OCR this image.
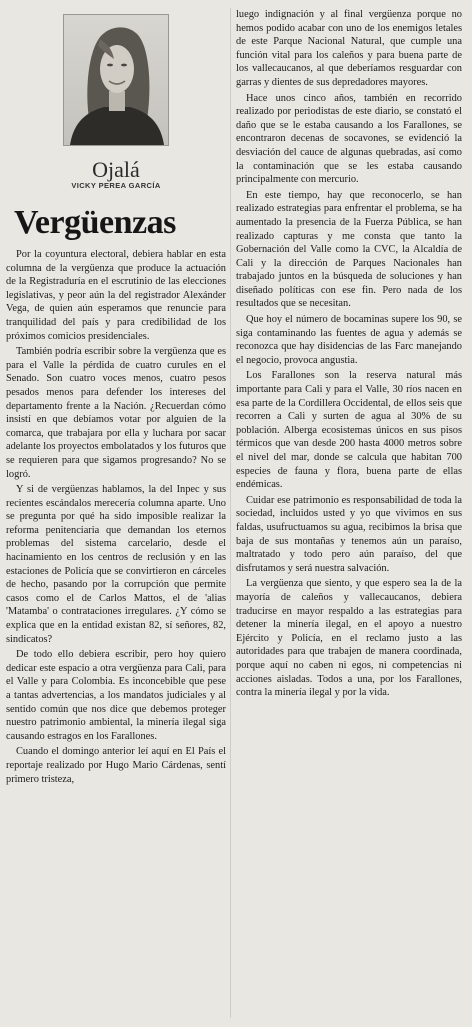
Ojalá
VICKY PEREA GARCÍA
Vergüenzas

Por la coyuntura electoral, debiera hablar en esta columna de la vergüenza que produce la actuación de la Registraduría en el escrutinio de las elecciones legislativas, y peor aún la del registrador Alexánder Vega, de quien aún esperamos que renuncie para tranquilidad del país y para credibilidad de los próximos comicios presidenciales.

También podría escribir sobre la vergüenza que es para el Valle la pérdida de cuatro curules en el Senado. Son cuatro voces menos, cuatro pesos pesados menos para defender los intereses del departamento frente a la Nación. ¿Recuerdan cómo insistí en que debíamos votar por alguien de la comarca, que trabajara por ella y luchara por sacar adelante los proyectos embolatados y los futuros que se requieren para que sigamos progresando? No se logró.

Y si de vergüenzas hablamos, la del Inpec y sus recientes escándalos merecería columna aparte. Uno se pregunta por qué ha sido imposible realizar la reforma penitenciaria que demandan los eternos problemas del sistema carcelario, desde el hacinamiento en los centros de reclusión y en las estaciones de Policía que se convirtieron en cárceles de hecho, pasando por la corrupción que permite casos como el de Carlos Mattos, el de 'alias 'Matamba' o contrataciones irregulares. ¿Y cómo se explica que en la entidad existan 82, sí señores, 82, sindicatos?

De todo ello debiera escribir, pero hoy quiero dedicar este espacio a otra vergüenza para Cali, para el Valle y para Colombia. Es inconcebible que pese a tantas advertencias, a los mandatos judiciales y al sentido común que nos dice que debemos proteger nuestro patrimonio ambiental, la minería ilegal siga causando estragos en los Farallones.

Cuando el domingo anterior leí aquí en El País el reportaje realizado por Hugo Mario Cárdenas, sentí primero tristeza,

luego indignación y al final vergüenza porque no hemos podido acabar con uno de los enemigos letales de este Parque Nacional Natural, que cumple una función vital para los caleños y para buena parte de los vallecaucanos, al que deberíamos resguardar con garras y dientes de sus depredadores mayores.

Hace unos cinco años, también en recorrido realizado por periodistas de este diario, se constató el daño que se le estaba causando a los Farallones, se encontraron decenas de socavones, se evidenció la desviación del cauce de algunas quebradas, así como la contaminación que se les estaba causando principalmente con mercurio.

En este tiempo, hay que reconocerlo, se han realizado estrategias para enfrentar el problema, se ha aumentado la presencia de la Fuerza Pública, se han realizado capturas y me consta que tanto la Gobernación del Valle como la CVC, la Alcaldía de Cali y la dirección de Parques Nacionales han trabajado juntos en la búsqueda de soluciones y han diseñado políticas con ese fin. Pero nada de los resultados que se necesitan.

Que hoy el número de bocaminas supere los 90, se siga contaminando las fuentes de agua y además se reconozca que hay disidencias de las Farc manejando el negocio, provoca angustia.

Los Farallones son la reserva natural más importante para Cali y para el Valle, 30 ríos nacen en esa parte de la Cordillera Occidental, de ellos seis que recorren a Cali y surten de agua al 30% de su población. Alberga ecosistemas únicos en sus pisos térmicos que van desde 200 hasta 4000 metros sobre el nivel del mar, donde se calcula que habitan 700 especies de fauna y flora, buena parte de ellas endémicas.

Cuidar ese patrimonio es responsabilidad de toda la sociedad, incluidos usted y yo que vivimos en sus faldas, usufructuamos su agua, recibimos la brisa que baja de sus montañas y tenemos aún un paraíso, maltratado y todo pero aún paraíso, del que disfrutamos y será nuestra salvación.

La vergüenza que siento, y que espero sea la de la mayoría de caleños y vallecaucanos, debiera traducirse en mayor respaldo a las estrategias para detener la minería ilegal, en el apoyo a nuestro Ejército y Policía, en el reclamo justo a las autoridades para que trabajen de manera coordinada, porque aquí no caben ni egos, ni competencias ni acciones aisladas. Todos a una, por los Farallones, contra la minería ilegal y por la vida.
